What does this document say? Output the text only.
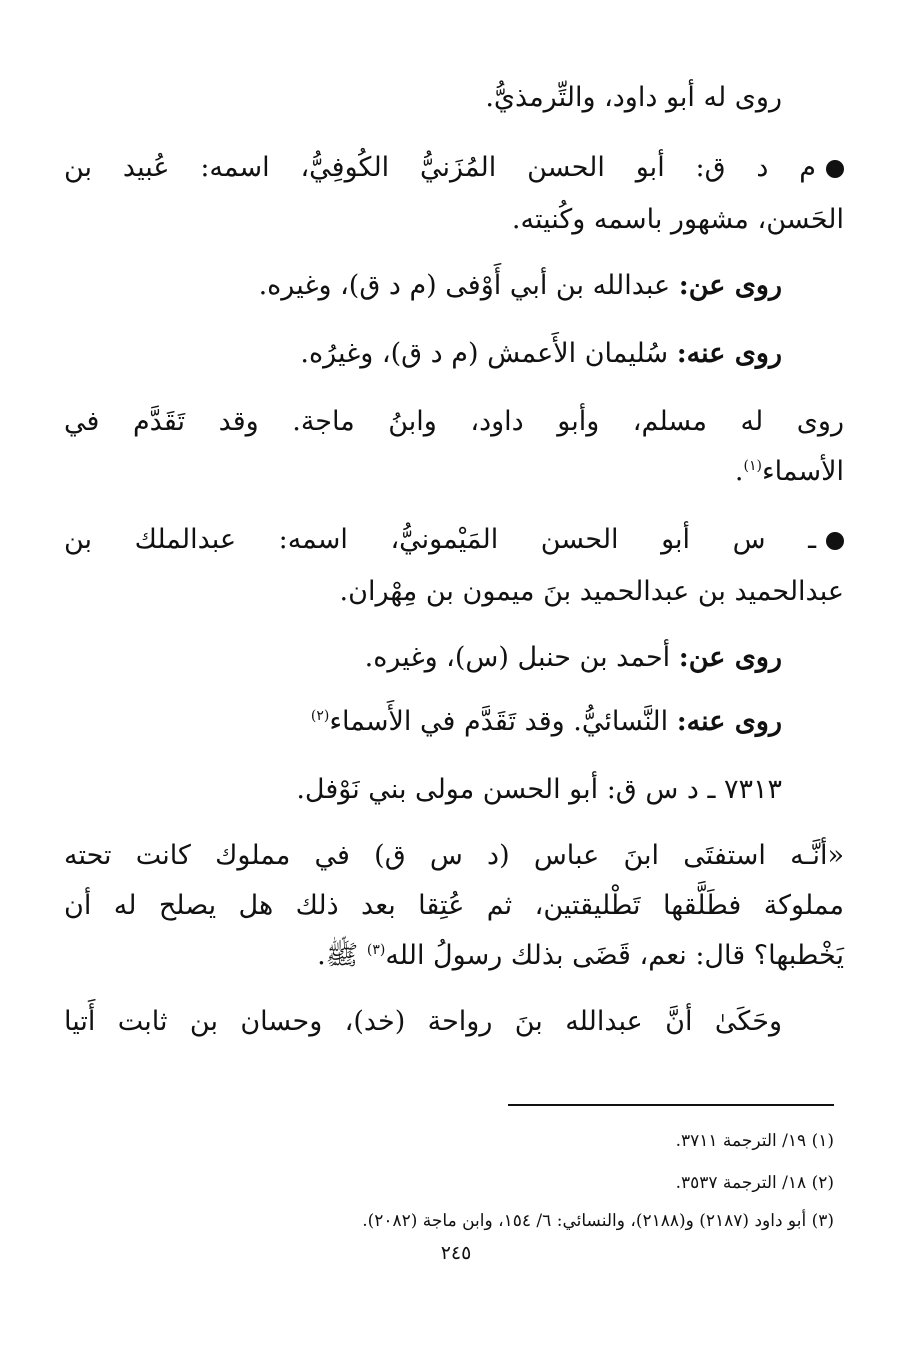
روى له أبو داود، والتِّرمذيُّ.
م د ق: أبو الحسن المُزَنيُّ الكُوفِيُّ، اسمه: عُبيد بن
الحَسن، مشهور باسمه وكُنيته.
روى عن: عبدالله بن أبي أَوْفى (م د ق)، وغيره.
روى عنه: سُليمان الأَعمش (م د ق)، وغيرُه.
روى له مسلم، وأبو داود، وابنُ ماجة. وقد تَقَدَّم في
الأسماء$^{(١)}$.
ـ س أبو الحسن المَيْمونيُّ، اسمه: عبدالملك بن
عبدالحميد بن عبدالحميد بنَ ميمون بن مِهْران.
روى عن: أحمد بن حنبل (س)، وغيره.
روى عنه: النَّسائيُّ. وقد تَقَدَّم في الأَسماء$^{(٢)}$
٧٣١٣ ـ د س ق: أبو الحسن مولى بني نَوْفل.
«أنَّـه استفتَى ابنَ عباس (د س ق) في مملوك كانت تحته
مملوكة فطَلَّقها تَطْليقتين، ثم عُتِقا بعد ذلك هل يصلح له أن
يَخْطبها؟ قال: نعم، قَضَى بذلك رسولُ الله$^{(٣)}$ ﷺ.
وحَكَىٰ أنَّ عبدالله بنَ رواحة (خد)، وحسان بن ثابت أَتيا
(١) ١٩/ الترجمة ٣٧١١.
(٢) ١٨/ الترجمة ٣٥٣٧.
(٣) أبو داود (٢١٨٧) و(٢١٨٨)، والنسائي: ٦/ ١٥٤، وابن ماجة (٢٠٨٢).
٢٤٥
